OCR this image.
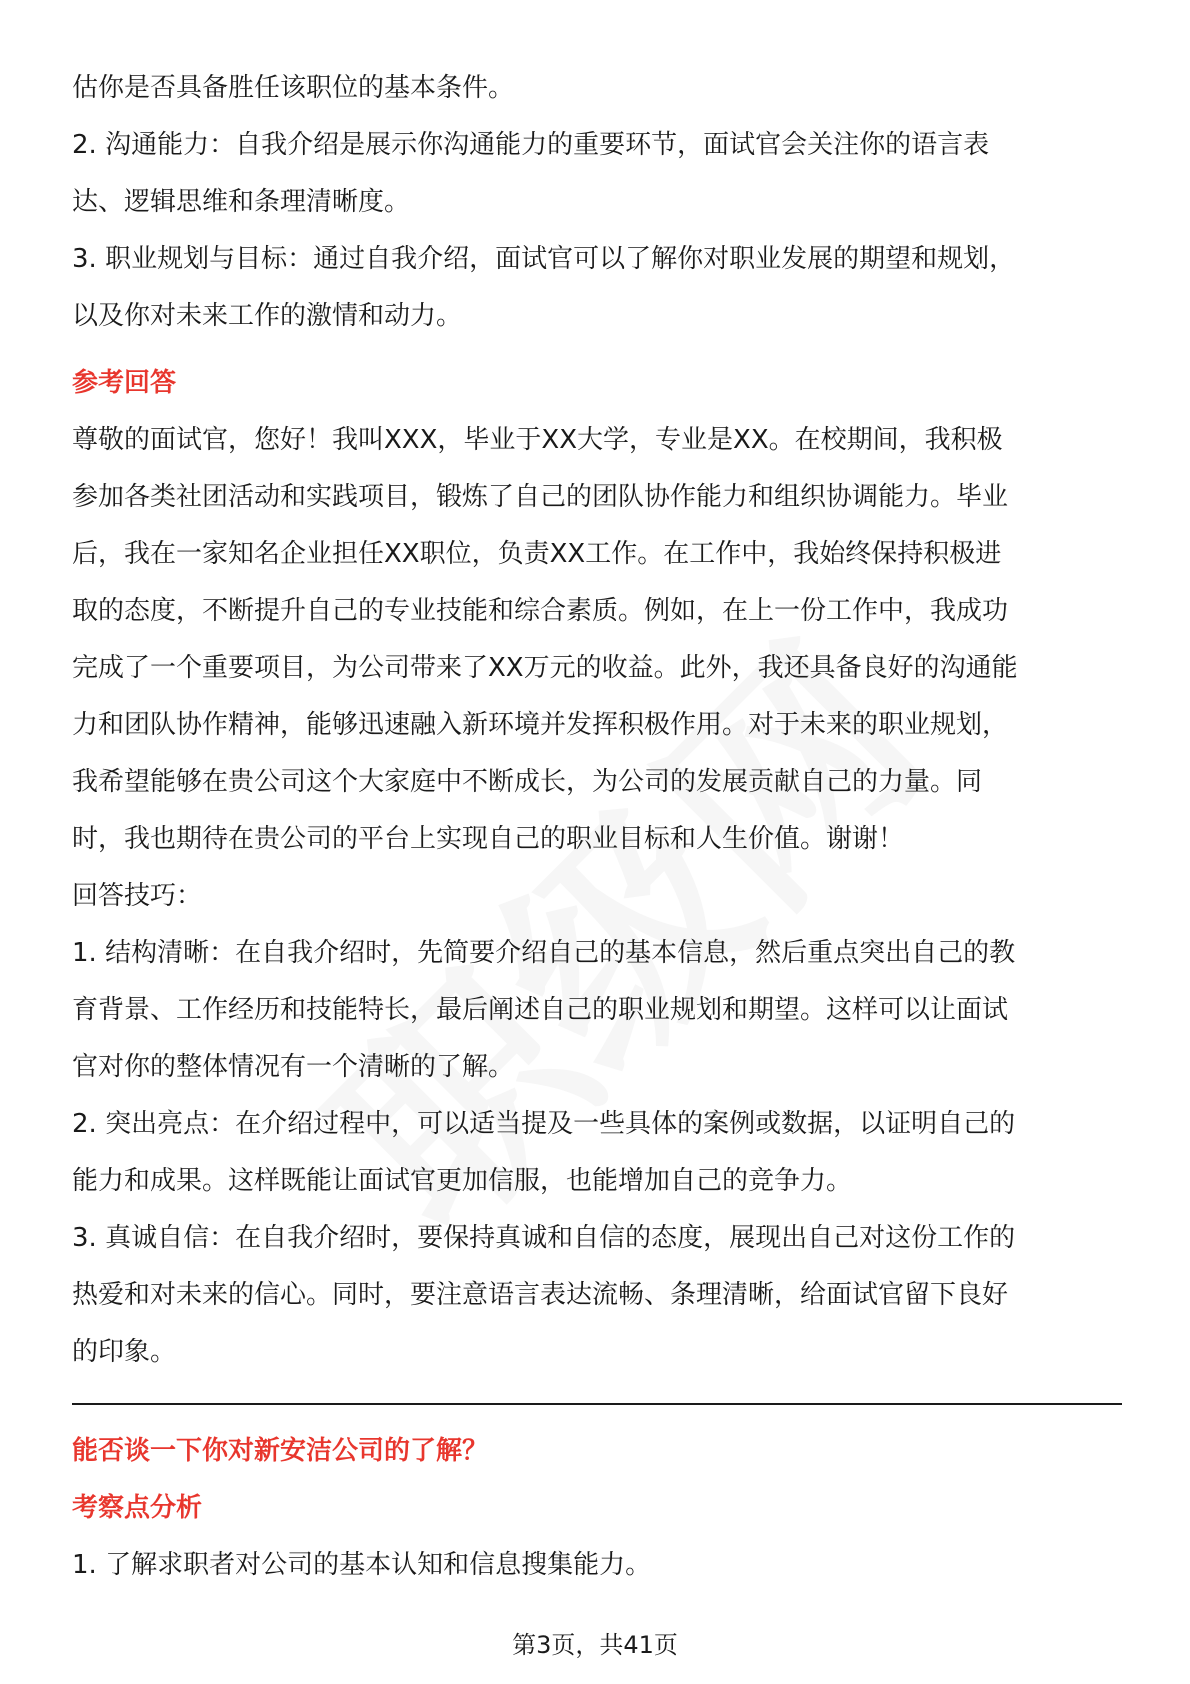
估你是否具备胜任该职位的基本条件。

2. 沟通能力：自我介绍是展示你沟通能力的重要环节，面试官会关注你的语言表

达、逻辑思维和条理清晰度。

3. 职业规划与目标：通过自我介绍，面试官可以了解你对职业发展的期望和规划，

以及你对未来工作的激情和动力。

参考回答

尊敬的面试官，您好！我叫XXX，毕业于XX大学，专业是XX。在校期间，我积极

参加各类社团活动和实践项目，锻炼了自己的团队协作能力和组织协调能力。毕业

后，我在一家知名企业担任XX职位，负责XX工作。在工作中，我始终保持积极进

取的态度，不断提升自己的专业技能和综合素质。例如，在上一份工作中，我成功

完成了一个重要项目，为公司带来了XX万元的收益。此外，我还具备良好的沟通能

力和团队协作精神，能够迅速融入新环境并发挥积极作用。对于未来的职业规划，

我希望能够在贵公司这个大家庭中不断成长，为公司的发展贡献自己的力量。同

时，我也期待在贵公司的平台上实现自己的职业目标和人生价值。谢谢！

回答技巧：

1. 结构清晰：在自我介绍时，先简要介绍自己的基本信息，然后重点突出自己的教

育背景、工作经历和技能特长，最后阐述自己的职业规划和期望。这样可以让面试

官对你的整体情况有一个清晰的了解。

2. 突出亮点：在介绍过程中，可以适当提及一些具体的案例或数据，以证明自己的

能力和成果。这样既能让面试官更加信服，也能增加自己的竞争力。

3. 真诚自信：在自我介绍时，要保持真诚和自信的态度，展现出自己对这份工作的

热爱和对未来的信心。同时，要注意语言表达流畅、条理清晰，给面试官留下良好

的印象。

能否谈一下你对新安洁公司的了解？
考察点分析

1. 了解求职者对公司的基本认知和信息搜集能力。

第3页，共41页
